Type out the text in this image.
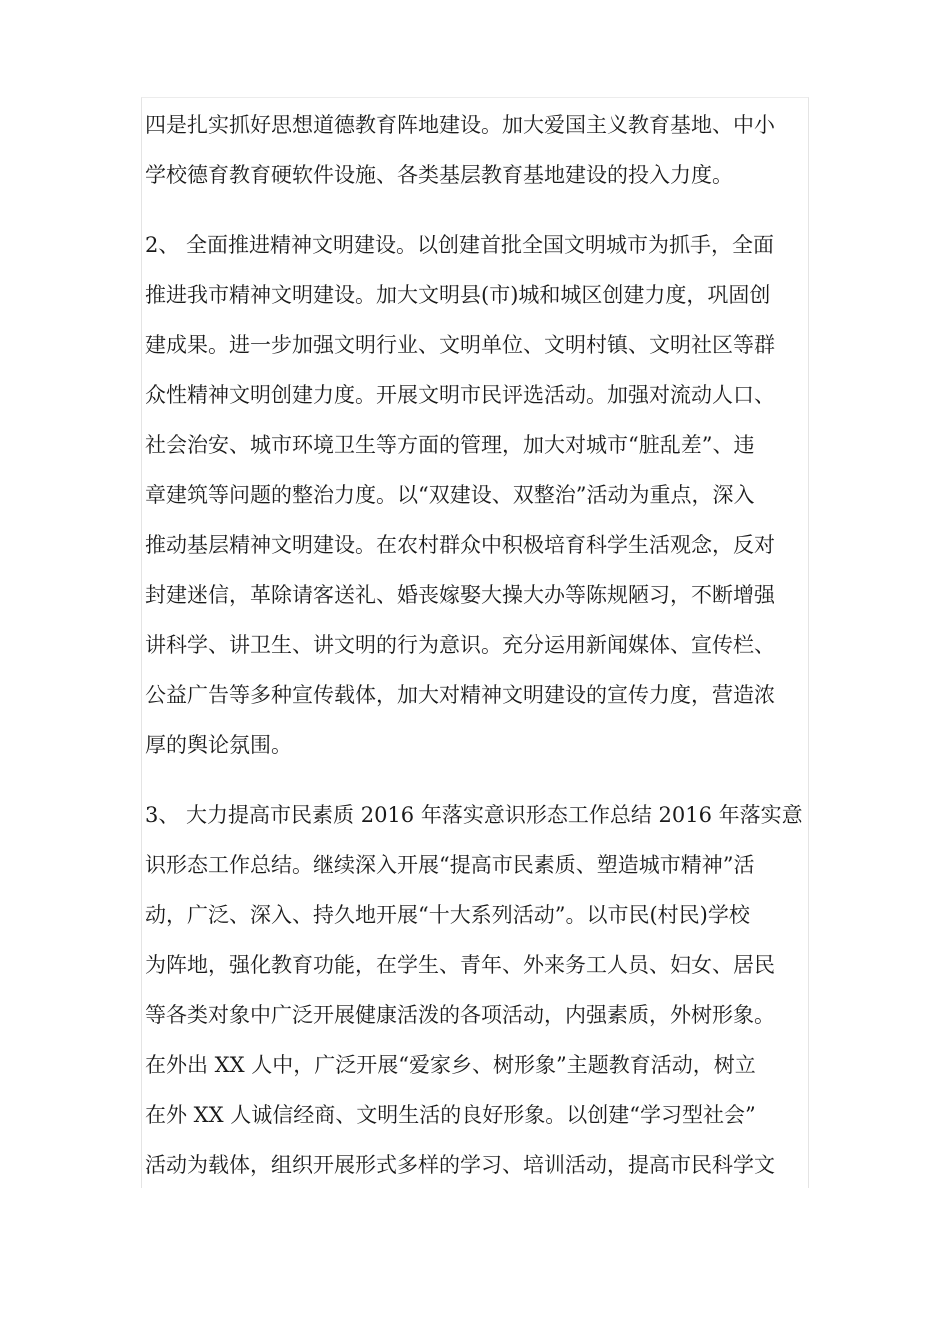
四是扎实抓好思想道德教育阵地建设。加大爱国主义教育基地、中小
学校德育教育硬软件设施、各类基层教育基地建设的投入力度。
2、 全面推进精神文明建设。以创建首批全国文明城市为抓手，全面
推进我市精神文明建设。加大文明县(市)城和城区创建力度，巩固创
建成果。进一步加强文明行业、文明单位、文明村镇、文明社区等群
众性精神文明创建力度。开展文明市民评选活动。加强对流动人口、
社会治安、城市环境卫生等方面的管理，加大对城市“脏乱差”、违
章建筑等问题的整治力度。以“双建设、双整治”活动为重点，深入
推动基层精神文明建设。在农村群众中积极培育科学生活观念，反对
封建迷信，革除请客送礼、婚丧嫁娶大操大办等陈规陋习，不断增强
讲科学、讲卫生、讲文明的行为意识。充分运用新闻媒体、宣传栏、
公益广告等多种宣传载体，加大对精神文明建设的宣传力度，营造浓
厚的舆论氛围。
3、 大力提高市民素质 2016 年落实意识形态工作总结 2016 年落实意
识形态工作总结。继续深入开展“提高市民素质、塑造城市精神”活
动，广泛、深入、持久地开展“十大系列活动”。以市民(村民)学校
为阵地，强化教育功能，在学生、青年、外来务工人员、妇女、居民
等各类对象中广泛开展健康活泼的各项活动，内强素质，外树形象。
在外出 XX 人中，广泛开展“爱家乡、树形象”主题教育活动，树立
在外 XX 人诚信经商、文明生活的良好形象。以创建“学习型社会”
活动为载体，组织开展形式多样的学习、培训活动，提高市民科学文
